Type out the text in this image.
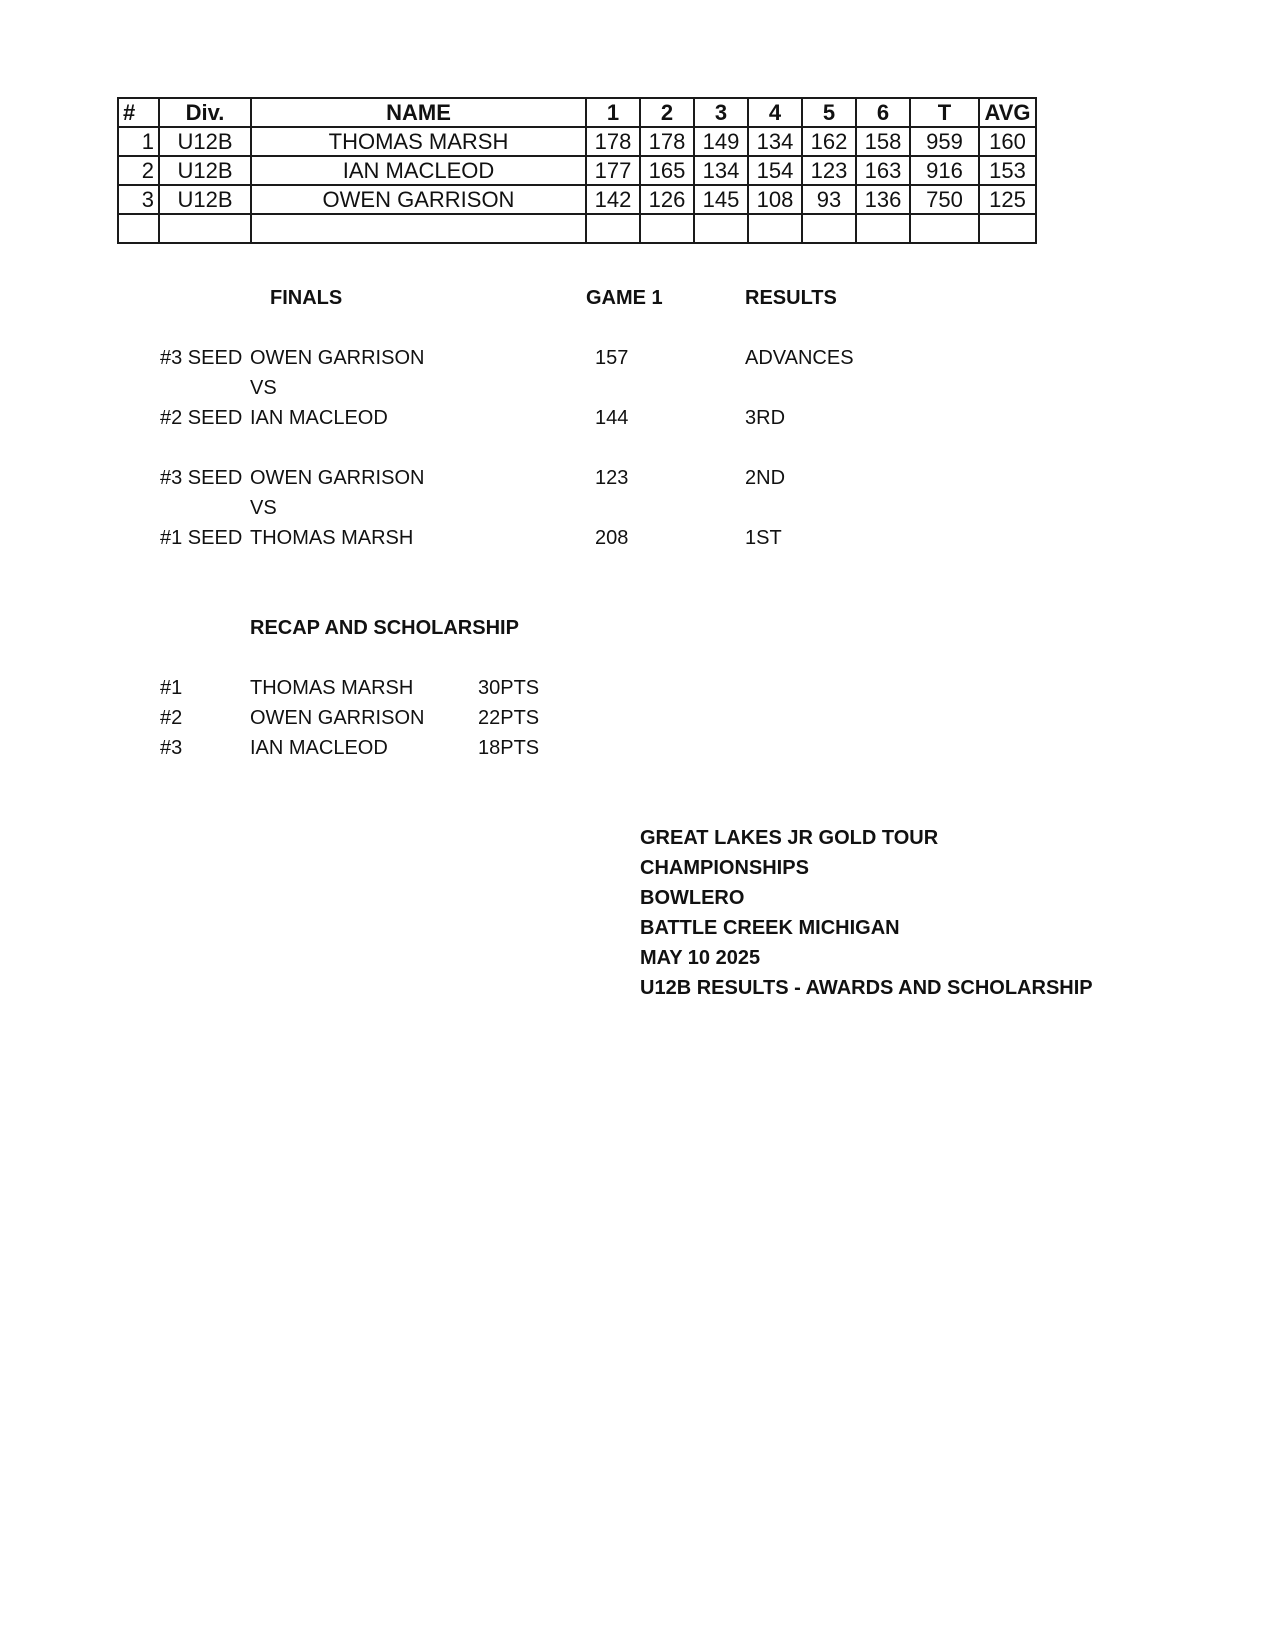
#	Div.	NAME	1	2	3	4	5	6	T	AVG
1	U12B	THOMAS MARSH	178	178	149	134	162	158	959	160
2	U12B	IAN MACLEOD	177	165	134	154	123	163	916	153
3	U12B	OWEN GARRISON	142	126	145	108	93	136	750	125

FINALS	GAME 1	RESULTS
#3 SEED OWEN GARRISON	157	ADVANCES
VS
#2 SEED IAN MACLEOD	144	3RD
#3 SEED OWEN GARRISON	123	2ND
VS
#1 SEED THOMAS MARSH	208	1ST
RECAP AND SCHOLARSHIP
#1	THOMAS MARSH	30PTS
#2	OWEN GARRISON	22PTS
#3	IAN MACLEOD	18PTS
GREAT LAKES JR GOLD TOUR
CHAMPIONSHIPS
BOWLERO
BATTLE CREEK MICHIGAN
MAY 10 2025
U12B RESULTS - AWARDS AND SCHOLARSHIP
